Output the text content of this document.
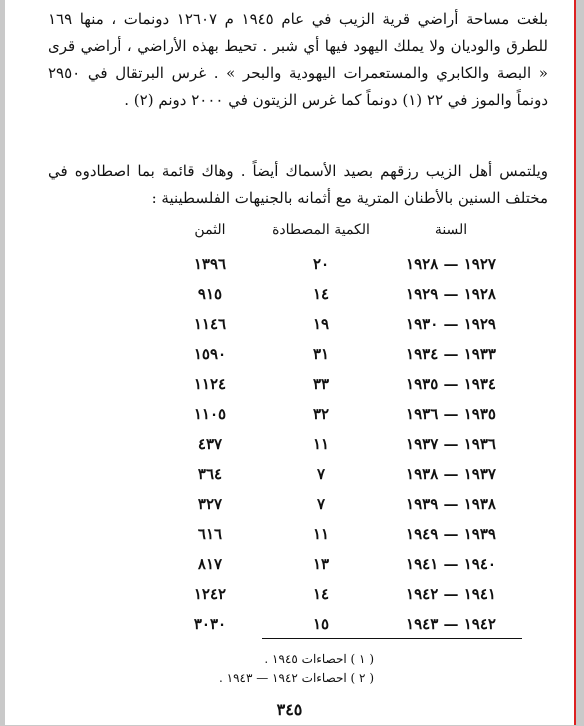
بلغت مساحة أراضي قرية الزيب في عام ١٩٤٥ م ١٢٦٠٧ دونمات ، منها ١٦٩ للطرق والوديان ولا يملك اليهود فيها أي شبر . تحيط بهذه الأراضي ، أراضي قرى « البصة والكابري والمستعمرات اليهودية والبحر » . غرس البرتقال في ٢٩٥٠ دونماً والموز في ٢٢ (١) دونماً كما غرس الزيتون في ٢٠٠٠ دونم (٢) .

ويلتمس أهل الزيب رزقهم بصيد الأسماك أيضاً . وهاك قائمة بما اصطادوه في مختلف السنين بالأطنان المترية مع أثمانه بالجنيهات الفلسطينية :

السنة
الكمية المصطادة
الثمن
١٩٢٧ — ١٩٢٨
٢٠
١٣٩٦
١٩٢٨ — ١٩٢٩
١٤
٩١٥
١٩٢٩ — ١٩٣٠
١٩
١١٤٦
١٩٣٣ — ١٩٣٤
٣١
١٥٩٠
١٩٣٤ — ١٩٣٥
٣٣
١١٢٤
١٩٣٥ — ١٩٣٦
٣٢
١١٠٥
١٩٣٦ — ١٩٣٧
١١
٤٣٧
١٩٣٧ — ١٩٣٨
٧
٣٦٤
١٩٣٨ — ١٩٣٩
٧
٣٢٧
١٩٣٩ — ١٩٤٩
١١
٦١٦
١٩٤٠ — ١٩٤١
١٣
٨١٧
١٩٤١ — ١٩٤٢
١٤
١٢٤٢
١٩٤٢ — ١٩٤٣
١٥
٣٠٣٠
( ١ ) احصاءات ١٩٤٥ .
( ٢ ) احصاءات ١٩٤٢ — ١٩٤٣ .
٣٤٥
